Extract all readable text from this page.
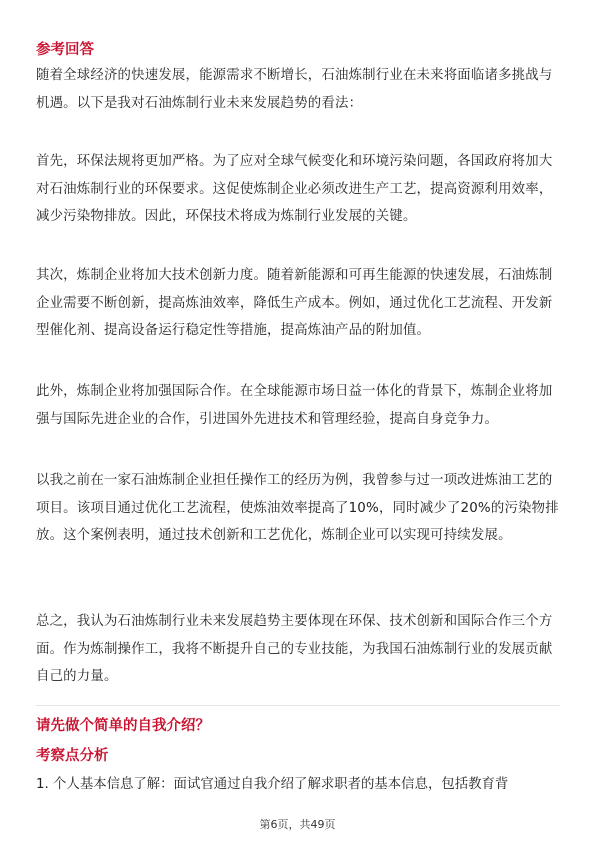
参考回答
随着全球经济的快速发展，能源需求不断增长，石油炼制行业在未来将面临诸多挑战与机遇。以下是我对石油炼制行业未来发展趋势的看法：
首先，环保法规将更加严格。为了应对全球气候变化和环境污染问题，各国政府将加大对石油炼制行业的环保要求。这促使炼制企业必须改进生产工艺，提高资源利用效率，减少污染物排放。因此，环保技术将成为炼制行业发展的关键。
其次，炼制企业将加大技术创新力度。随着新能源和可再生能源的快速发展，石油炼制企业需要不断创新，提高炼油效率，降低生产成本。例如，通过优化工艺流程、开发新型催化剂、提高设备运行稳定性等措施，提高炼油产品的附加值。
此外，炼制企业将加强国际合作。在全球能源市场日益一体化的背景下，炼制企业将加强与国际先进企业的合作，引进国外先进技术和管理经验，提高自身竞争力。
以我之前在一家石油炼制企业担任操作工的经历为例，我曾参与过一项改进炼油工艺的项目。该项目通过优化工艺流程，使炼油效率提高了10%，同时减少了20%的污染物排放。这个案例表明，通过技术创新和工艺优化，炼制企业可以实现可持续发展。
总之，我认为石油炼制行业未来发展趋势主要体现在环保、技术创新和国际合作三个方面。作为炼制操作工，我将不断提升自己的专业技能，为我国石油炼制行业的发展贡献自己的力量。
请先做个简单的自我介绍？
考察点分析
1. 个人基本信息了解：面试官通过自我介绍了解求职者的基本信息，包括教育背
第6页，共49页
